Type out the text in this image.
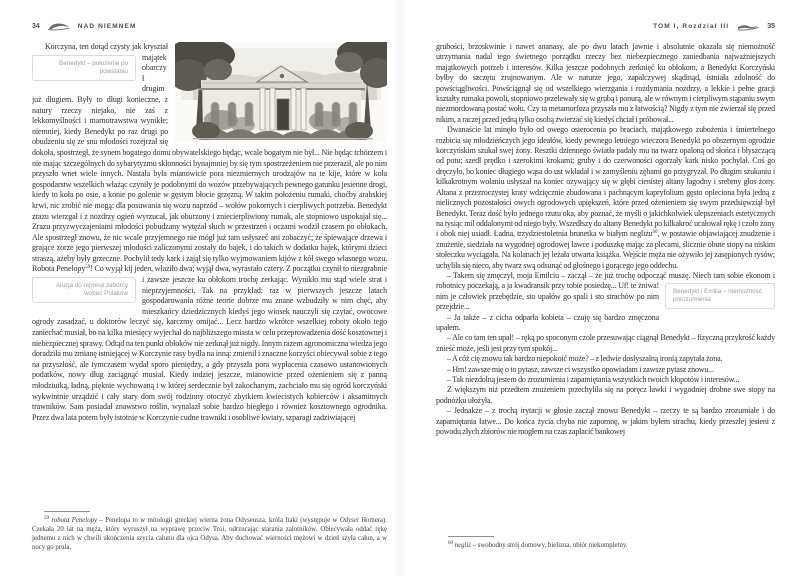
34	NAD NIEMNEM

Korczyna, ten dotąd czysty jak kryształ majątek
Benedykt – położenie po powstaniu	obarczył drugim już długiem. Były to długi konieczne, z natury rzeczy niejako, nie zaś z lekkomyślności i marnotrawstwa wynikłe; niemniej, kiedy Benedykt po raz drugi po obudzeniu się ze snu młodości rozejrzał się dokoła, spostrzegł, że synem bogatego domu obywatelskiego będąc, wcale bogatym nie był... Nie będąc tchórzem i nie mając szczególnych do sybarytyzmu skłonności bynajmniej by się tym spostrzeżeniem nie przeraził, ale po nim przyszło wnet wiele innych. Nastała była mianowicie pora niezmiernych urodzajów na te kije, które w koła gospodarstw wszelkich włażąc czyniły je podobnymi do wozów przebywających pewnego gatunku jesienne drogi, kiedy to koła po osie, a konie po golenie w gęstym błocie grzęzną. W takim położeniu rumaki, choćby arabskiej krwi, nic zrobić nie mogą: dla posuwania się wozu naprzód – wołów pokornych i cierpliwych potrzeba. Benedykt zrazu wierzgał i z nozdrzy ogień wyrzucał, jak oburzony i zniecierpliwiony rumak, ale stopniowo uspokajał się... Zrazu przyzwyczajeniami młodości pobudzany wytężał słuch w przestrzeń i oczami wodził czasem po obłokach. Ale spostrzegł znowu, że nic wcale przyjemnego nie mógł już tam usłyszeć ani zobaczyć; że śpiewające drzewa i grające zorze jego pierwszej młodości zaliczonymi zostały do bajek, i do takich w dodatku bajek, którymi dzieci straszą, ażeby były grzeczne. Pochylił tedy kark i zajął się tylko wyjmowaniem kijów z kół swego własnego wozu. Robota Penelopy$^{59}$! Co wyjął kij jeden, właziło dwa; wyjął dwa, wyrastało cztery. Z początku czynił to niezgrabnie i zawsze jeszcze ku obłokom trochę
Aluzja do represji zaborcy wobec Polaków
zerkając. Wynikło mu stąd wiele strat i nieprzyjemności. Tak na przykład: raz w pierwszych jeszcze latach gospodarowania różne teorie dobrze mu znane wzbudziły w nim chęć, aby mieszkańcy dziedzicznych kiedyś jego wiosek nauczyli się czytać, owocowe ogrody zasadzać, u doktorów leczyć się, karczmy omijać... Lecz bardzo wkrótce wszelkiej roboty około tego zaniechać musiał, bo na kilka miesięcy wyjechał do najbliższego miasta w celu przeprowadzenia dość kosztownej i niebezpiecznej sprawy. Odtąd na ten punkt obłoków nie zerknął już nigdy. Innym razem agronomiczna wiedza jego doradziła mu zmianę istniejącej w Korczynie rasy bydła na inną: zmienił i znaczne korzyści obiecywał sobie z tego na przyszłość, ale tymczasem wydał sporo pieniędzy, a gdy przyszła pora wypłacenia czasowo ustanowionych podatków, nowy dług zaciągnąć musiał. Kiedy indziej jeszcze, mianowicie przed ożenieniem się z panną młodziutką, ładną, pięknie wychowaną i w której serdecznie był zakochanym, zachciało mu się ogród korczyński wykwintnie urządzić i cały stary dom swój rodzinny otoczyć zbytkiem kwiecistych kobierców i aksamitnych trawników. Sam posiadał znawstwo roślin, wynalazł sobie bardzo biegłego i również kosztownego ogrodnika. Przez dwa lata potem były istotnie w Korczynie cudne trawniki i osobliwe kwiaty, szparagi zadziwiającej

$^{59}$ robota Penelopy – Penelopa to w mitologii greckiej wierna żona Odyseusza, króla Itaki (występuje w Odysei Homera). Czekała 20 lat na męża, który wyruszył na wyprawę przeciw Troi, odrzucając starania zalotników. Obiecywała oddać rękę jednemu z nich w chwili ukończenia szycia całunu dla ojca Odysa. Aby dochować wierności mężowi w dzień szyła całun, a w nocy go pruła.

TOM I, Rozdział III	35

grubości, brzoskwinie i nawet ananasy, ale po dwu latach jawnie i absolutnie okazała się niemożność utrzymania nadal tego świetnego porządku rzeczy bez niebezpiecznego zaniedbania najważniejszych majątkowych potrzeb i interesów. Kilka jeszcze podobnych zerknięć ku obłokom, a Benedykt Korczyński byłby do szczętu zrujnowanym. Ale w naturze jego, zapalczywej skądinąd, istniała zdolność do powściągliwości. Powściągnął się od wszelkiego wierzgania i rozdymania nozdrzy, a lekkie i pełne gracji kształty rumaka powoli, stopniowo przelewały się w grubą i ponurą, ale w równym i cierpliwym stąpaniu swym niezmordowaną postać wołu. Czy ta metamorfoza przyszła mu z łatwością? Nigdy z tym nie zwierzał się przed nikim, a raczej przed jedną tylko osobą zwierzać się kiedyś chciał i próbował...

Dwanaście lat minęło było od owego osierocenia po braciach, majątkowego zubożenia i śmiertelnego rozbicia się młodzieńczych jego ideałów, kiedy pewnego letniego wieczora Benedykt po obszernym ogrodzie korczyńskim szukał swej żony. Resztki dziennego światła padały mu na twarz opaloną od słońca i błyszczącą od potu; szedł prędko i szerokimi krokami; gruby i do czerwoności ogorzały kark nisko pochylał. Coś go dręczyło, bo koniec długiego wąsa do ust wkładał i w zamyśleniu zębami go przygryzał. Po długim szukaniu i kilkakrotnym wołaniu usłyszał na koniec ozywający się w głębi cienistej altany łagodny i srebrny głos żony. Altana z przezroczystej kraty wdzięcznie zbudowana i pachnącym kapryfolium gęsto opleciona była jedną z nielicznych pozostałości owych ogrodowych upiększeń, które przed ożenieniem się swym przedsięwziął był Benedykt. Teraz dość było jednego rzutu oka, aby poznać, że myśli o jakichkolwiek ulepszeniach estetycznych na tysiąc mil oddalonymi od niego były. Wszedłszy do altany Benedykt po kilkakroć ucałował rękę i czoło żony i obok niej usiadł. Ładna, trzydziestoletnia brunetka w białym negliżu$^{60}$, w postawie objawiającej znudzenie i znużenie, siedziała na wygodnej ogrodowej ławce i poduszkę mając za plecami, ślicznie obute stopy na niskim stołeczku wyciągała. Na kolanach jej leżała otwarta książka. Wejście męża nie ożywiło jej zasępionych rysów; uchyliła się nieco, aby twarz swą odsunąć od głośnego i gorącego jego oddechu.

– Takem się zmęczył, moja Emilciu – zaczął – że już trochę odpocząć muszę. Niech tam sobie ekonom i robotnicy poczekają, a ja kwadransik przy tobie posiedzę...
Benedykt i Emilia – niemożność porozumienia
Uf! te żniwa! nim je człowiek przebędzie, sto upałów go spali i sto strachów po nim przejdzie...

– Ja także – z cicha odparła kobieta – czuję się bardzo zmęczona upałem.

– Ale co tam ten upał! – ręką po spoconym czole przesuwając ciągnął Benedykt – fizyczną przykrość każdy znieść może, jeśli jest przy tym spokój...

– A cóż cię znowu tak bardzo niepokoić może? – z ledwie dosłyszalną ironią zapytała żona.

– Hm! zawsze mię o to pytasz, zawsze ci wszystko opowiadam i zawsze pytasz znowu...

– Tak niezdolną jestem do zrozumienia i zapamiętania wszystkich twoich kłopotów i interesów...

Z większym niż przedtem znużeniem przechyliła się na poręcz ławki i wygodniej drobne swe stopy na podnóżku ułożyła.

– Jednakże – z trochą irytacji w głosie zaczął znowu Benedykt – rzeczy te są bardzo zrozumiałe i do zapamiętania łatwe... Do końca życia chyba nie zapomnę, w jakim byłem strachu, kiedy przeszłej jesieni z powodu złych zbiorów nie mogłem na czas zapłacić bankowej

$^{60}$ negliż – swobodny strój domowy, bielizna, ubiór niekompletny.
